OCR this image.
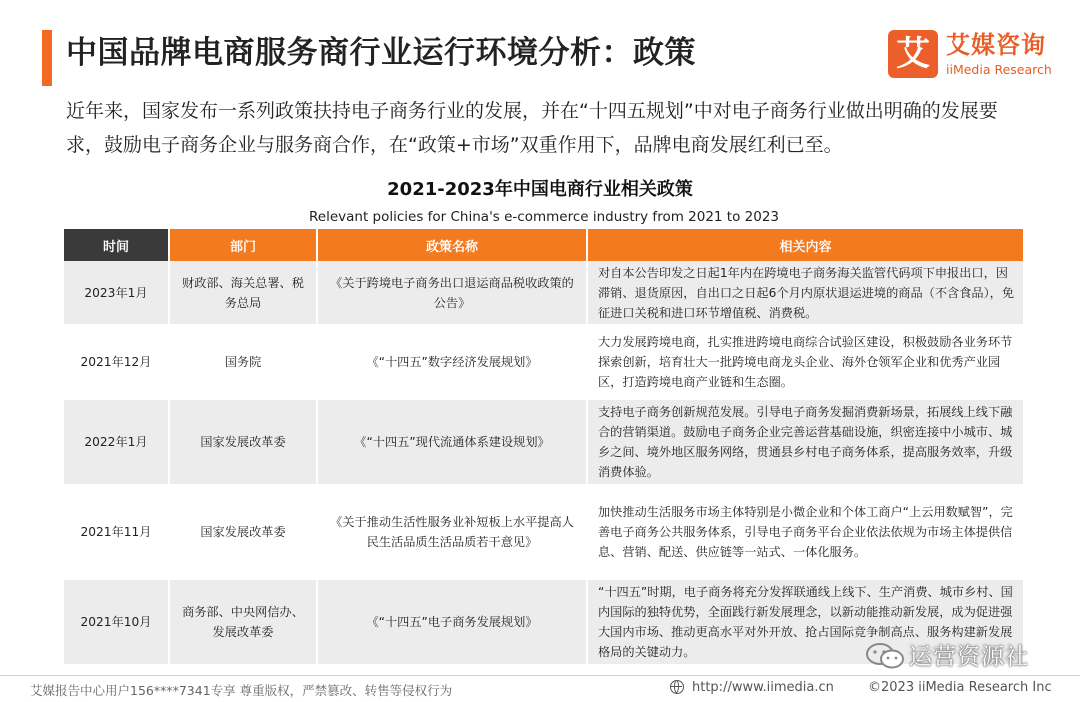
中国品牌电商服务商行业运行环境分析：政策	艾 艾媒咨询
iiMedia Research
近年来，国家发布一系列政策扶持电子商务行业的发展，并在“十四五规划”中对电子商务行业做出明确的发展要求，鼓励电子商务企业与服务商合作，在“政策+市场”双重作用下，品牌电商发展红利已至。
2021-2023年中国电商行业相关政策
Relevant policies for China's e-commerce industry from 2021 to 2023
时间	部门	政策名称	相关内容
2023年1月	财政部、海关总署、税务总局	《关于跨境电子商务出口退运商品税收政策的公告》	对自本公告印发之日起1年内在跨境电子商务海关监管代码项下申报出口，因滞销、退货原因，自出口之日起6个月内原状退运进境的商品（不含食品），免征进口关税和进口环节增值税、消费税。
2021年12月	国务院	《“十四五”数字经济发展规划》	大力发展跨境电商，扎实推进跨境电商综合试验区建设，积极鼓励各业务环节探索创新，培育壮大一批跨境电商龙头企业、海外仓领军企业和优秀产业园区，打造跨境电商产业链和生态圈。
2022年1月	国家发展改革委	《“十四五”现代流通体系建设规划》	支持电子商务创新规范发展。引导电子商务发掘消费新场景，拓展线上线下融合的营销渠道。鼓励电子商务企业完善运营基础设施，织密连接中小城市、城乡之间、境外地区服务网络，贯通县乡村电子商务体系，提高服务效率，升级消费体验。
2021年11月	国家发展改革委	《关于推动生活性服务业补短板上水平提高人民生活品质生活品质若干意见》	加快推动生活服务市场主体特别是小微企业和个体工商户“上云用数赋智”，完善电子商务公共服务体系，引导电子商务平台企业依法依规为市场主体提供信息、营销、配送、供应链等一站式、一体化服务。
2021年10月	商务部、中央网信办、发展改革委	《“十四五”电子商务发展规划》	“十四五”时期，电子商务将充分发挥联通线上线下、生产消费、城市乡村、国内国际的独特优势，全面践行新发展理念，以新动能推动新发展，成为促进强大国内市场、推动更高水平对外开放、抢占国际竞争制高点、服务构建新发展格局的关键动力。	运营资源社
艾媒报告中心用户156****7341专享 尊重版权，严禁篡改、转售等侵权行为	http://www.iimedia.cn	©2023 iiMedia Research Inc
